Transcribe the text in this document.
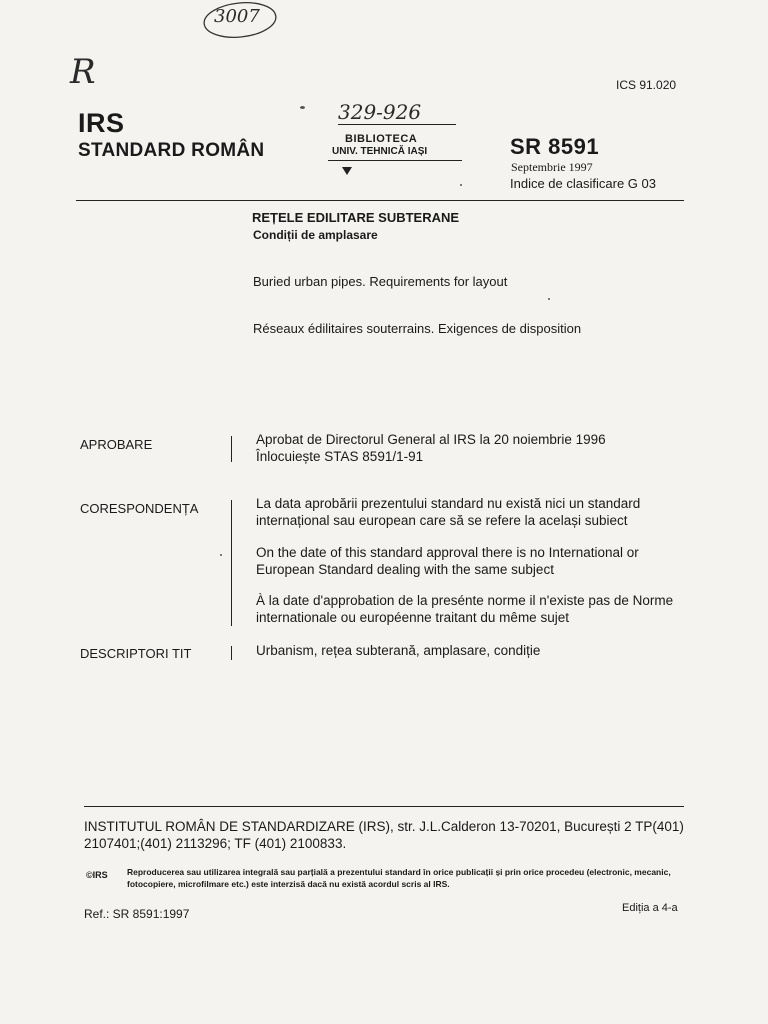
3007
R	ICS 91.020
IRS
STANDARD ROMÂN
329-926
BIBLIOTECA
UNIV. TEHNICĂ IAȘI	SR 8591
Septembrie 1997
Indice de clasificare G 03
REȚELE EDILITARE SUBTERANE
Condiții de amplasare
Buried urban pipes. Requirements for layout
Réseaux édilitaires souterrains. Exigences de disposition
APROBARE	Aprobat de Directorul General al IRS la 20 noiembrie 1996
Înlocuiește STAS 8591/1-91
CORESPONDENȚA	La data aprobării prezentului standard nu există nici un standard internațional sau european care să se refere la același subiect
On the date of this standard approval there is no International or European Standard dealing with the same subject
À la date d'approbation de la presénte norme il n'existe pas de Norme internationale ou européenne traitant du même sujet
DESCRIPTORI TIT	Urbanism, rețea subterană, amplasare, condiție
INSTITUTUL ROMÂN DE STANDARDIZARE (IRS), str. J.L.Calderon 13-70201, București 2 TP(401) 2107401;(401) 2113296; TF (401) 2100833.
©IRS Reproducerea sau utilizarea integrală sau parțială a prezentului standard în orice publicații și prin orice procedeu (electronic, mecanic, fotocopiere, microfilmare etc.) este interzisă dacă nu există acordul scris al IRS.
Ref.: SR 8591:1997	Ediția a 4-a
